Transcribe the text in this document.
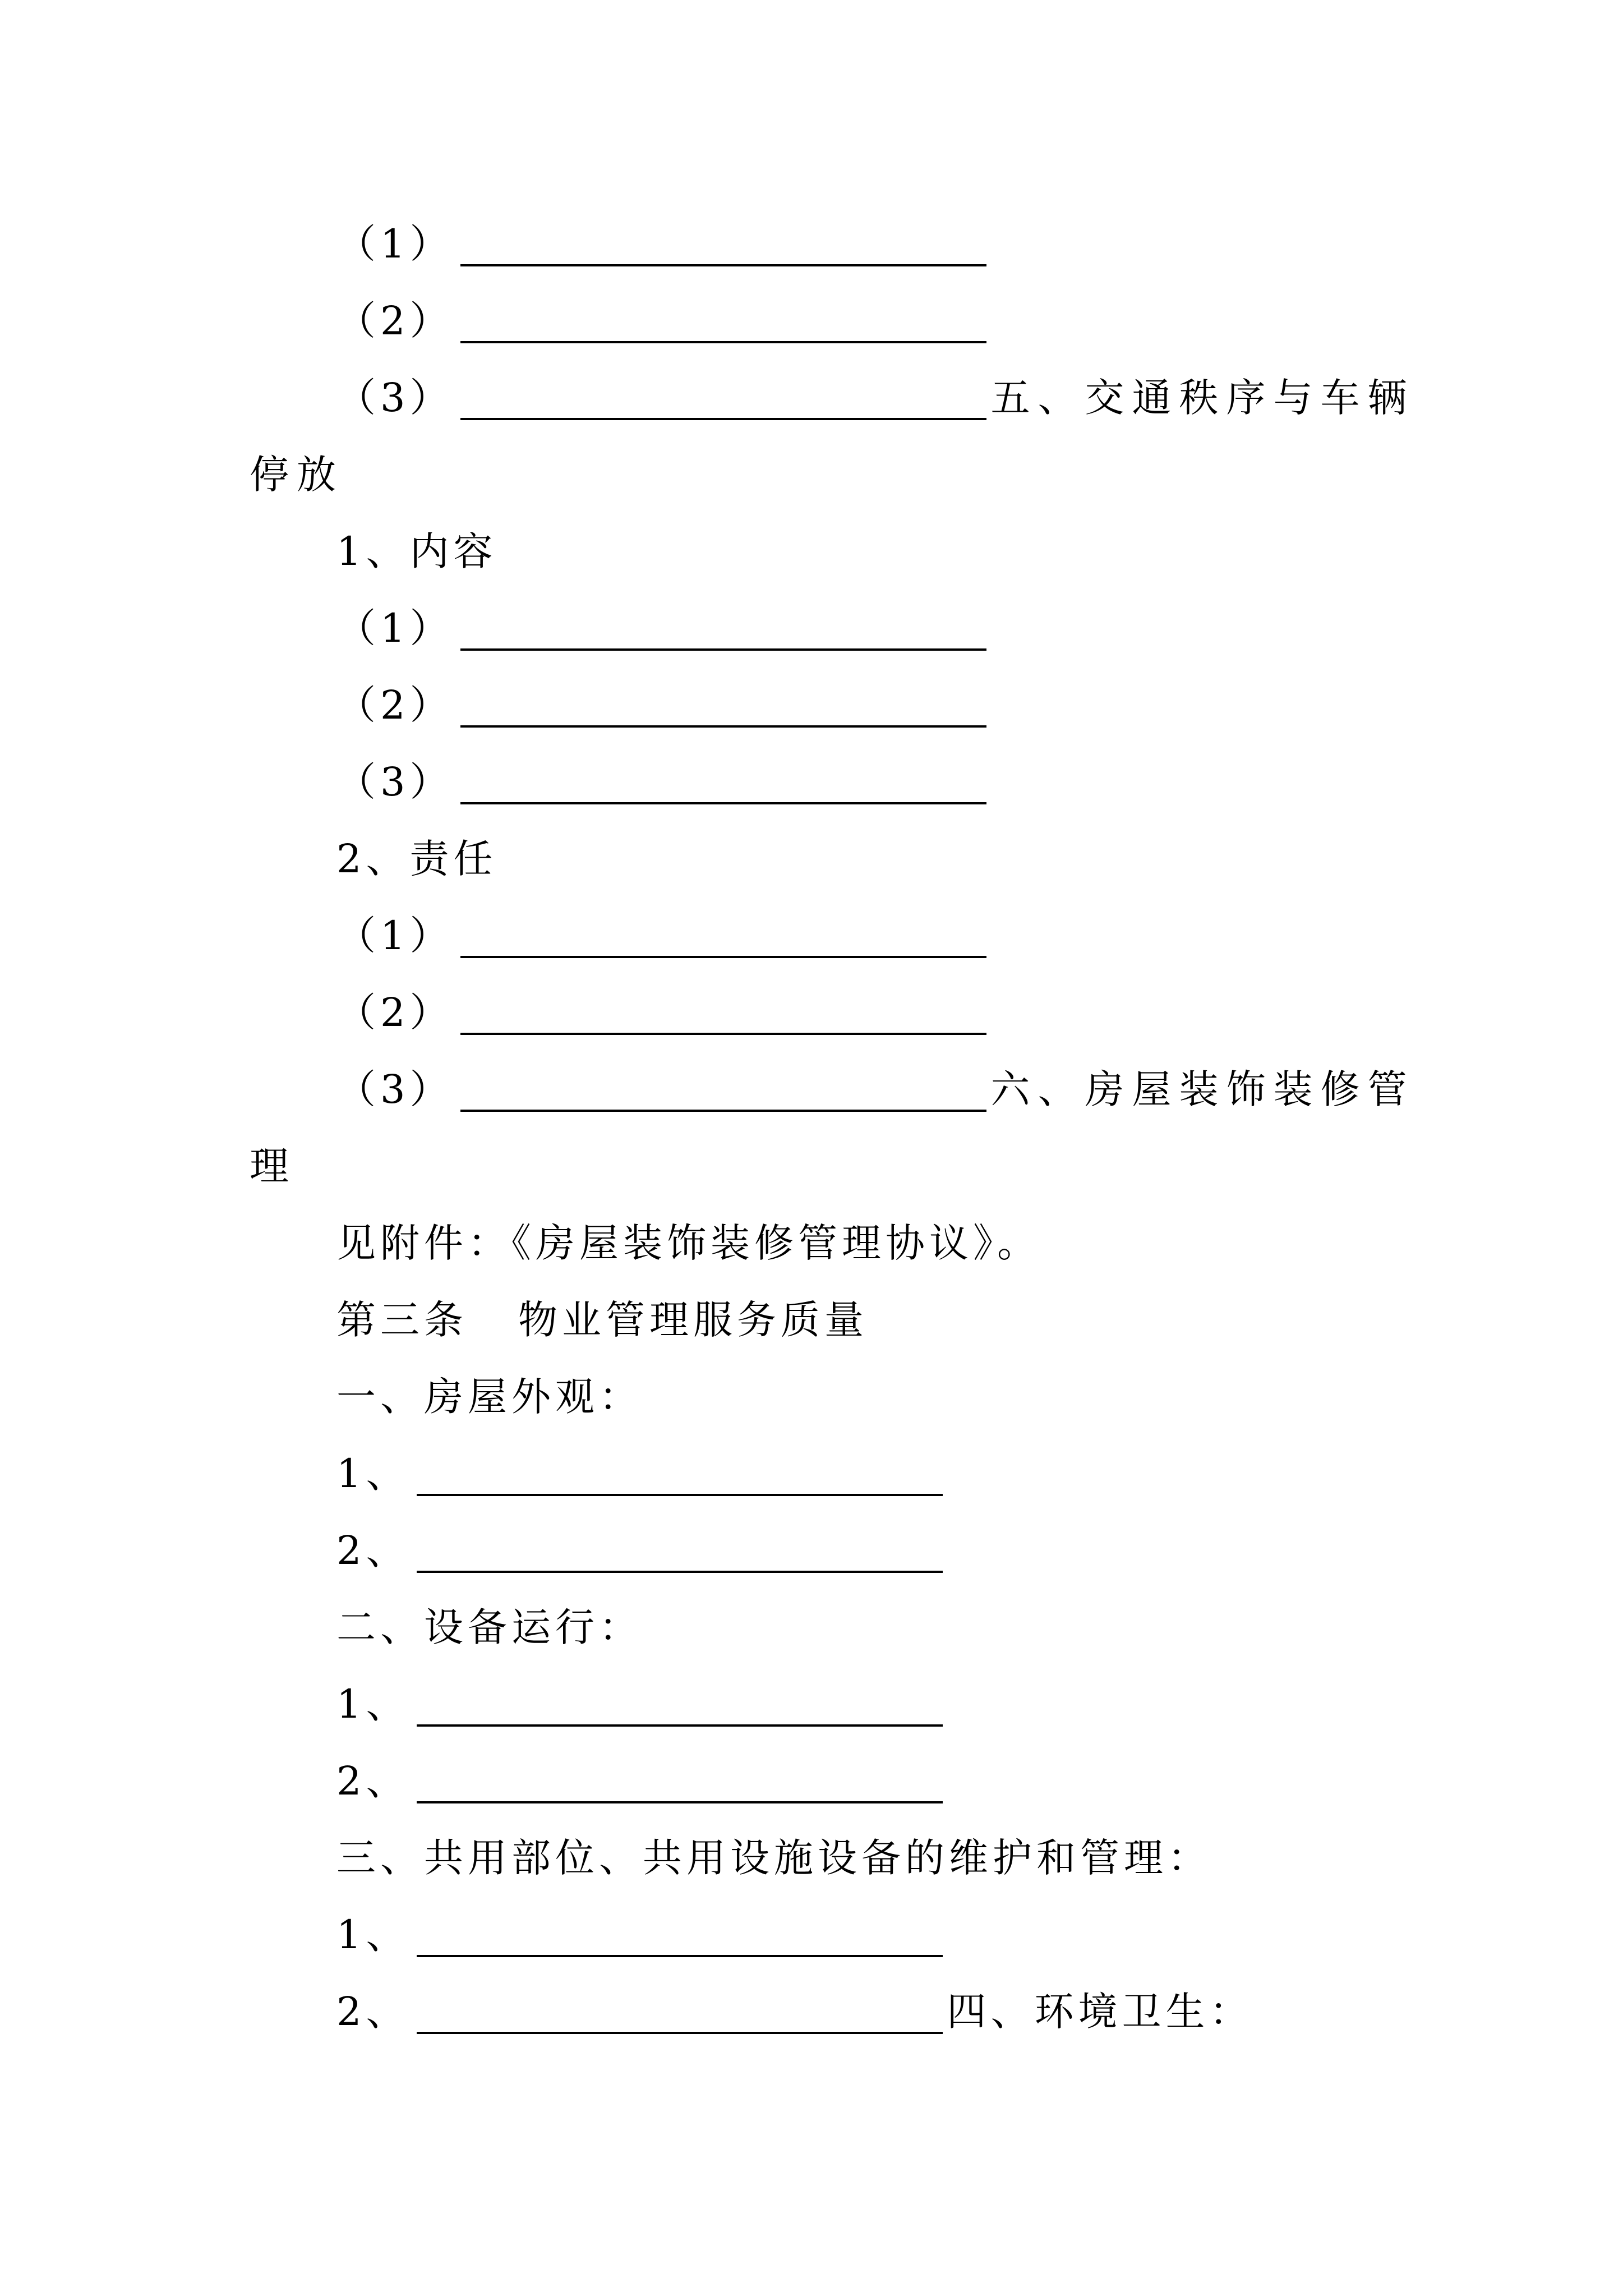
（1）
（2）
（3）	五、交通秩序与车辆
停放
1、内容
（1）
（2）
（3）
2、责任
（1）
（2）
（3）	六、房屋装饰装修管
理
见附件：《房屋装饰装修管理协议》。
第三条 物业管理服务质量
一、房屋外观：
1、
2、
二、设备运行：
1、
2、
三、共用部位、共用设施设备的维护和管理：
1、
2、	四、环境卫生：
